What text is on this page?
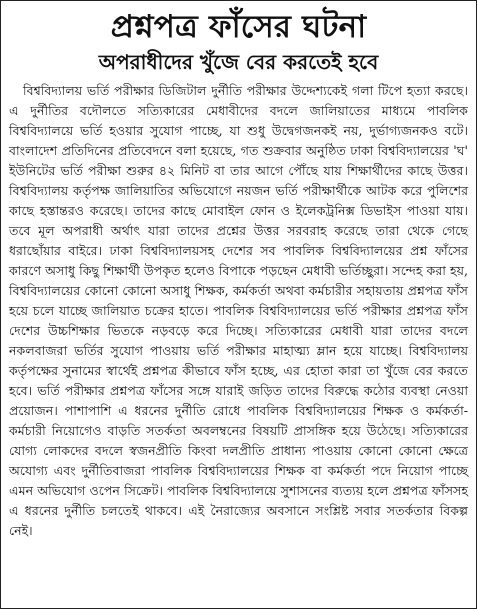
প্রশ্নপত্র ফাঁসের ঘটনা
অপরাধীদের খুঁজে বের করতেই হবে

বিশ্ববিদ্যালয় ভর্তি পরীক্ষার ডিজিটাল দুর্নীতি পরীক্ষার উদ্দেশ্যকেই গলা টিপে হত্যা করছে। এ দুর্নীতির বদৌলতে সত্যিকারের মেধাবীদের বদলে জালিয়াতের মাধ্যমে পাবলিক বিশ্ববিদ্যালয়ে ভর্তি হওয়ার সুযোগ পাচ্ছে, যা শুধু উদ্বেগজনকই নয়, দুর্ভাগ্যজনকও বটে। বাংলাদেশ প্রতিদিনের প্রতিবেদনে বলা হয়েছে, গত শুক্রবার অনুষ্ঠিত ঢাকা বিশ্ববিদ্যালয়ের 'ঘ' ইউনিটের ভর্তি পরীক্ষা শুরুর ৪২ মিনিট বা তার আগে পৌঁছে যায় শিক্ষার্থীদের কাছে উত্তর। বিশ্ববিদ্যালয় কর্তৃপক্ষ জালিয়াতির অভিযোগে নয়জন ভর্তি পরীক্ষার্থীকে আটক করে পুলিশের কাছে হস্তান্তরও করেছে। তাদের কাছে মোবাইল ফোন ও ইলেকট্রনিক্স ডিভাইস পাওয়া যায়। তবে মূল অপরাধী অর্থাৎ যারা তাদের প্রশ্নের উত্তর সরবরাহ করেছে তারা থেকে গেছে ধরাছোঁয়ার বাইরে। ঢাকা বিশ্ববিদ্যালয়সহ দেশের সব পাবলিক বিশ্ববিদ্যালয়ের প্রশ্ন ফাঁসের কারণে অসাধু কিছু শিক্ষার্থী উপকৃত হলেও বিপাকে পড়ছেন মেধাবী ভর্তিচ্ছুরা। সন্দেহ করা হয়, বিশ্ববিদ্যালয়ের কোনো কোনো অসাধু শিক্ষক, কর্মকর্তা অথবা কর্মচারীর সহায়তায় প্রশ্নপত্র ফাঁস হয়ে চলে যাচ্ছে জালিয়াত চক্রের হাতে। পাবলিক বিশ্ববিদ্যালয়ের ভর্তি পরীক্ষার প্রশ্নপত্র ফাঁস দেশের উচ্চশিক্ষার ভিতকে নড়বড়ে করে দিচ্ছে। সত্যিকারের মেধাবী যারা তাদের বদলে নকলবাজরা ভর্তির সুযোগ পাওয়ায় ভর্তি পরীক্ষার মাহাত্ম্য ম্লান হয়ে যাচ্ছে। বিশ্ববিদ্যালয় কর্তৃপক্ষের সুনামের স্বার্থেই প্রশ্নপত্র কীভাবে ফাঁস হচ্ছে, এর হোতা কারা তা খুঁজে বের করতে হবে। ভর্তি পরীক্ষার প্রশ্নপত্র ফাঁসের সঙ্গে যারাই জড়িত তাদের বিরুদ্ধে কঠোর ব্যবস্থা নেওয়া প্রয়োজন। পাশাপাশি এ ধরনের দুর্নীতি রোধে পাবলিক বিশ্ববিদ্যালয়ের শিক্ষক ও কর্মকর্তা-কর্মচারী নিয়োগেও বাড়তি সতর্কতা অবলম্বনের বিষয়টি প্রাসঙ্গিক হয়ে উঠেছে। সত্যিকারের যোগ্য লোকদের বদলে স্বজনপ্রীতি কিংবা দলপ্রীতি প্রাধান্য পাওয়ায় কোনো কোনো ক্ষেত্রে অযোগ্য এবং দুর্নীতিবাজরা পাবলিক বিশ্ববিদ্যালয়ের শিক্ষক বা কর্মকর্তা পদে নিয়োগ পাচ্ছে এমন অভিযোগ ওপেন সিক্রেট। পাবলিক বিশ্ববিদ্যালয়ে সুশাসনের ব্যত্যয় হলে প্রশ্নপত্র ফাঁসসহ এ ধরনের দুর্নীতি চলতেই থাকবে। এই নৈরাজ্যের অবসানে সংশ্লিষ্ট সবার সতর্কতার বিকল্প নেই।
